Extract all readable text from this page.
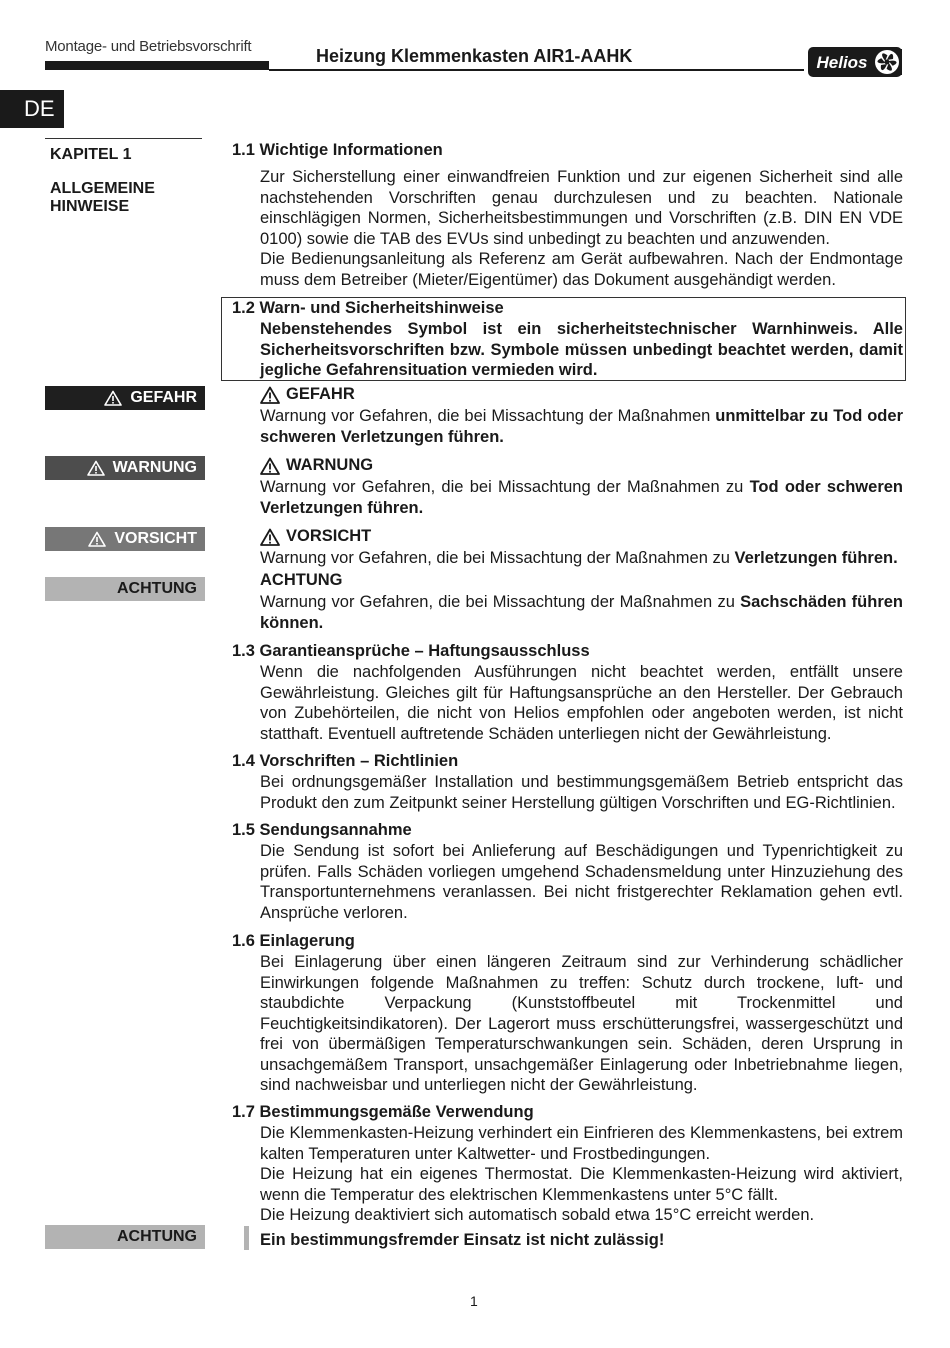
Montage- und Betriebsvorschrift	Heizung Klemmenkasten AIR1-AAHK	Helios
DE
KAPITEL 1
ALLGEMEINE HINWEISE
GEFAHR
WARNUNG
VORSICHT
ACHTUNG
ACHTUNG
1.1 Wichtige Informationen

Zur Sicherstellung einer einwandfreien Funktion und zur eigenen Sicherheit sind alle nachstehenden Vorschriften genau durchzulesen und zu beachten. Nationale einschlägigen Normen, Sicherheitsbestimmungen und Vorschriften (z.B. DIN EN VDE 0100) sowie die TAB des EVUs sind unbedingt zu beachten und anzuwenden.

Die Bedienungsanleitung als Referenz am Gerät aufbewahren. Nach der Endmontage muss dem Betreiber (Mieter/Eigentümer) das Dokument ausgehändigt werden.

1.2 Warn- und Sicherheitshinweise
Nebenstehendes Symbol ist ein sicherheitstechnischer Warnhinweis. Alle Sicherheitsvorschriften bzw. Symbole müssen unbedingt beachtet werden, damit jegliche Gefahrensituation vermieden wird.
GEFAHR
Warnung vor Gefahren, die bei Missachtung der Maßnahmen unmittelbar zu Tod oder schweren Verletzungen führen.
WARNUNG
Warnung vor Gefahren, die bei Missachtung der Maßnahmen zu Tod oder schweren Verletzungen führen.
VORSICHT
Warnung vor Gefahren, die bei Missachtung der Maßnahmen zu Verletzungen führen.
ACHTUNG
Warnung vor Gefahren, die bei Missachtung der Maßnahmen zu Sachschäden führen können.
1.3 Garantieansprüche – Haftungsausschluss
Wenn die nachfolgenden Ausführungen nicht beachtet werden, entfällt unsere Gewährleistung. Gleiches gilt für Haftungsansprüche an den Hersteller. Der Gebrauch von Zubehörteilen, die nicht von Helios empfohlen oder angeboten werden, ist nicht statthaft. Eventuell auftretende Schäden unterliegen nicht der Gewährleistung.
1.4 Vorschriften – Richtlinien
Bei ordnungsgemäßer Installation und bestimmungsgemäßem Betrieb entspricht das Produkt den zum Zeitpunkt seiner Herstellung gültigen Vorschriften und EG-Richtlinien.
1.5 Sendungsannahme
Die Sendung ist sofort bei Anlieferung auf Beschädigungen und Typenrichtigkeit zu prüfen. Falls Schäden vorliegen umgehend Schadensmeldung unter Hinzuziehung des Transportunternehmens veranlassen. Bei nicht fristgerechter Reklamation gehen evtl. Ansprüche verloren.
1.6 Einlagerung
Bei Einlagerung über einen längeren Zeitraum sind zur Verhinderung schädlicher Einwirkungen folgende Maßnahmen zu treffen: Schutz durch trockene, luft- und staubdichte Verpackung (Kunststoffbeutel mit Trockenmittel und Feuchtigkeitsindikatoren). Der Lagerort muss erschütterungsfrei, wassergeschützt und frei von übermäßigen Temperaturschwankungen sein. Schäden, deren Ursprung in unsachgemäßem Transport, unsachgemäßer Einlagerung oder Inbetriebnahme liegen, sind nachweisbar und unterliegen nicht der Gewährleistung.
1.7 Bestimmungsgemäße Verwendung

Die Klemmenkasten-Heizung verhindert ein Einfrieren des Klemmenkastens, bei extrem kalten Temperaturen unter Kaltwetter- und Frostbedingungen.

Die Heizung hat ein eigenes Thermostat. Die Klemmenkasten-Heizung wird aktiviert, wenn die Temperatur des elektrischen Klemmenkastens unter 5°C fällt.

Die Heizung deaktiviert sich automatisch sobald etwa 15°C erreicht werden.

Ein bestimmungsfremder Einsatz ist nicht zulässig!
1
